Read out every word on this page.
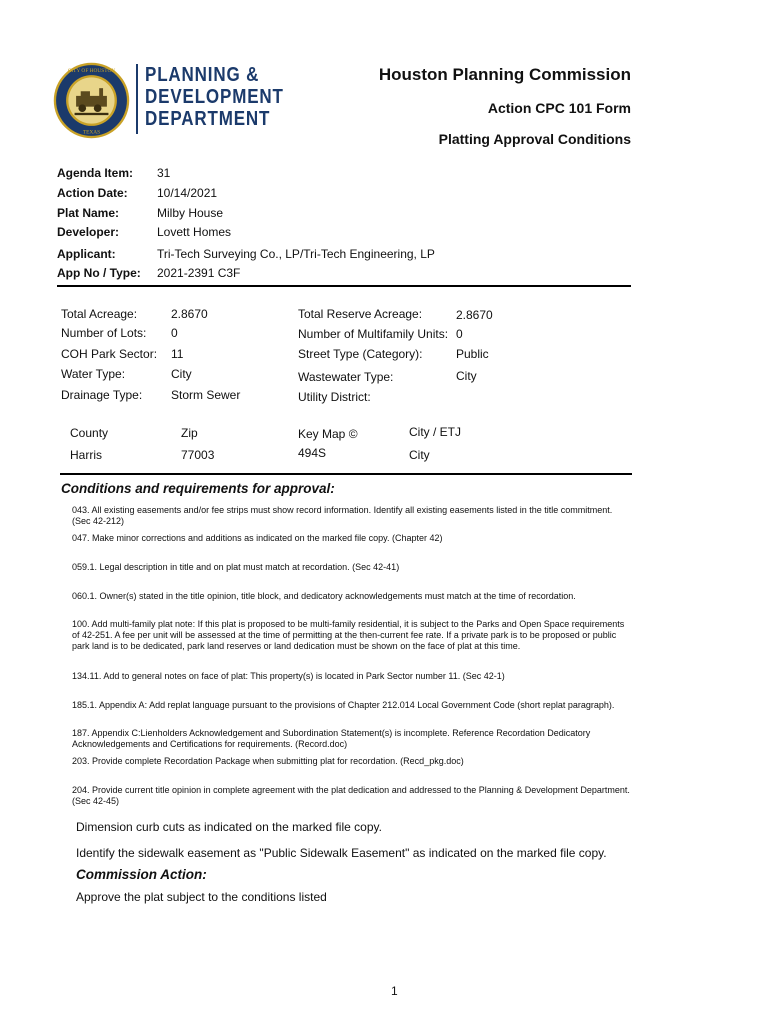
CITY OF HOUSTON
TEXAS
PLANNING &
DEVELOPMENT
DEPARTMENT
Houston Planning Commission
Action CPC 101 Form
Platting Approval Conditions
Agenda Item: 31
Action Date: 10/14/2021
Plat Name:	Milby House
Developer:	Lovett Homes
Applicant:	Tri-Tech Surveying Co., LP/Tri-Tech Engineering, LP
App No / Type: 2021-2391 C3F
Total Acreage:	2.8670	Total Reserve Acreage:	2.8670
Number of Lots: 0	Number of Multifamily Units: 0
COH Park Sector: 11	Street Type (Category):	Public
Water Type:	City	Wastewater Type:	City
Drainage Type: Storm Sewer	Utility District:
County	Zip	Key Map ©	City / ETJ
Harris	77003	494S	City
Conditions and requirements for approval:
043. All existing easements and/or fee strips must show record information. Identify all existing easements listed in the title commitment. (Sec 42-212)
047. Make minor corrections and additions as indicated on the marked file copy. (Chapter 42)
059.1. Legal description in title and on plat must match at recordation. (Sec 42-41)
060.1. Owner(s) stated in the title opinion, title block, and dedicatory acknowledgements must match at the time of recordation.
100. Add multi-family plat note: If this plat is proposed to be multi-family residential, it is subject to the Parks and Open Space requirements of 42-251. A fee per unit will be assessed at the time of permitting at the then-current fee rate. If a private park is to be proposed or public park land is to be dedicated, park land reserves or land dedication must be shown on the face of plat at this time.
134.11. Add to general notes on face of plat: This property(s) is located in Park Sector number 11. (Sec 42-1)
185.1. Appendix A: Add replat language pursuant to the provisions of Chapter 212.014 Local Government Code (short replat paragraph).
187. Appendix C:Lienholders Acknowledgement and Subordination Statement(s) is incomplete. Reference Recordation Dedicatory Acknowledgements and Certifications for requirements. (Record.doc)
203. Provide complete Recordation Package when submitting plat for recordation. (Recd_pkg.doc)
204. Provide current title opinion in complete agreement with the plat dedication and addressed to the Planning & Development Department. (Sec 42-45)
Dimension curb cuts as indicated on the marked file copy.
Identify the sidewalk easement as "Public Sidewalk Easement" as indicated on the marked file copy.
Commission Action:
Approve the plat subject to the conditions listed
1
